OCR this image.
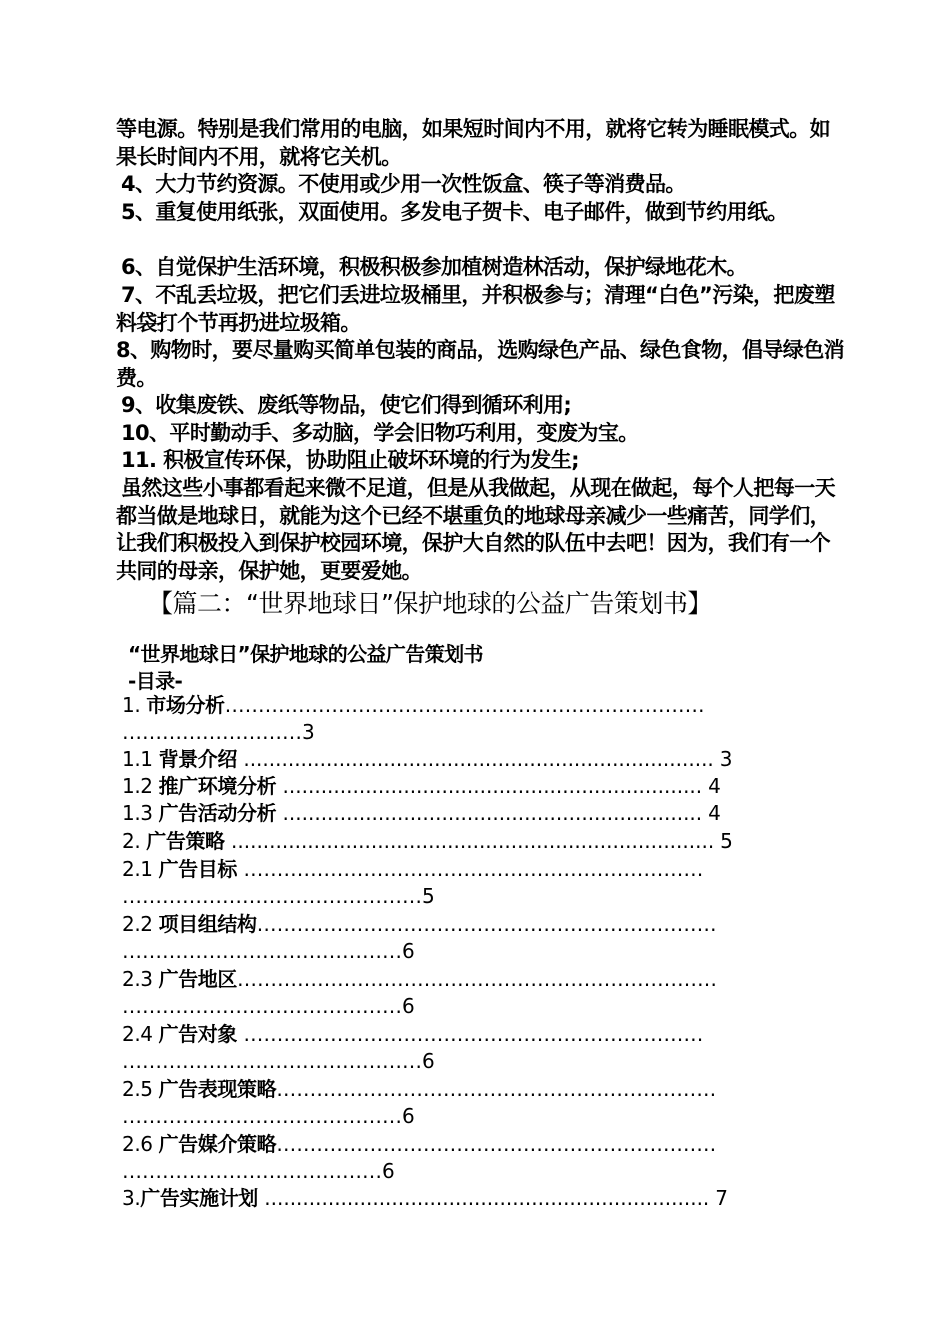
等电源。特别是我们常用的电脑，如果短时间内不用，就将它转为睡眠模式。如果长时间内不用，就将它关机。

4、大力节约资源。不使用或少用一次性饭盒、筷子等消费品。

5、重复使用纸张，双面使用。多发电子贺卡、电子邮件，做到节约用纸。

6、自觉保护生活环境，积极积极参加植树造林活动，保护绿地花木。

7、不乱丢垃圾，把它们丢进垃圾桶里，并积极参与；清理“白色”污染，把废塑料袋打个节再扔进垃圾箱。

8、购物时，要尽量购买简单包装的商品，选购绿色产品、绿色食物，倡导绿色消费。

9、收集废铁、废纸等物品，使它们得到循环利用;

10、平时勤动手、多动脑，学会旧物巧利用，变废为宝。

11. 积极宣传环保，协助阻止破坏环境的行为发生;

虽然这些小事都看起来微不足道，但是从我做起，从现在做起，每个人把每一天都当做是地球日，就能为这个已经不堪重负的地球母亲减少一些痛苦，同学们，让我们积极投入到保护校园环境，保护大自然的队伍中去吧！因为，我们有一个共同的母亲，保护她，更要爱她。

【篇二：“世界地球日”保护地球的公益广告策划书】

“世界地球日”保护地球的公益广告策划书

-目录-

1. 市场分析………………………………………………………………
………………………3
1.1 背景介绍 .......................................................................... 3
1.2 推广环境分析 .................................................................. 4
1.3 广告活动分析 .................................................................. 4
2. 广告策略 ............................................................................ 5
2.1 广告目标 ……………………………………………………………
………………………………………5
2.2 项目组结构……………………………………………………………
……………………………………6
2.3 广告地区………………………………………………………………
……………………………………6
2.4 广告对象 ……………………………………………………………
………………………………………6
2.5 广告表现策略…………………………………………………………
……………………………………6
2.6 广告媒介策略…………………………………………………………
…………………………………6
3.广告实施计划 ...................................................................... 7
